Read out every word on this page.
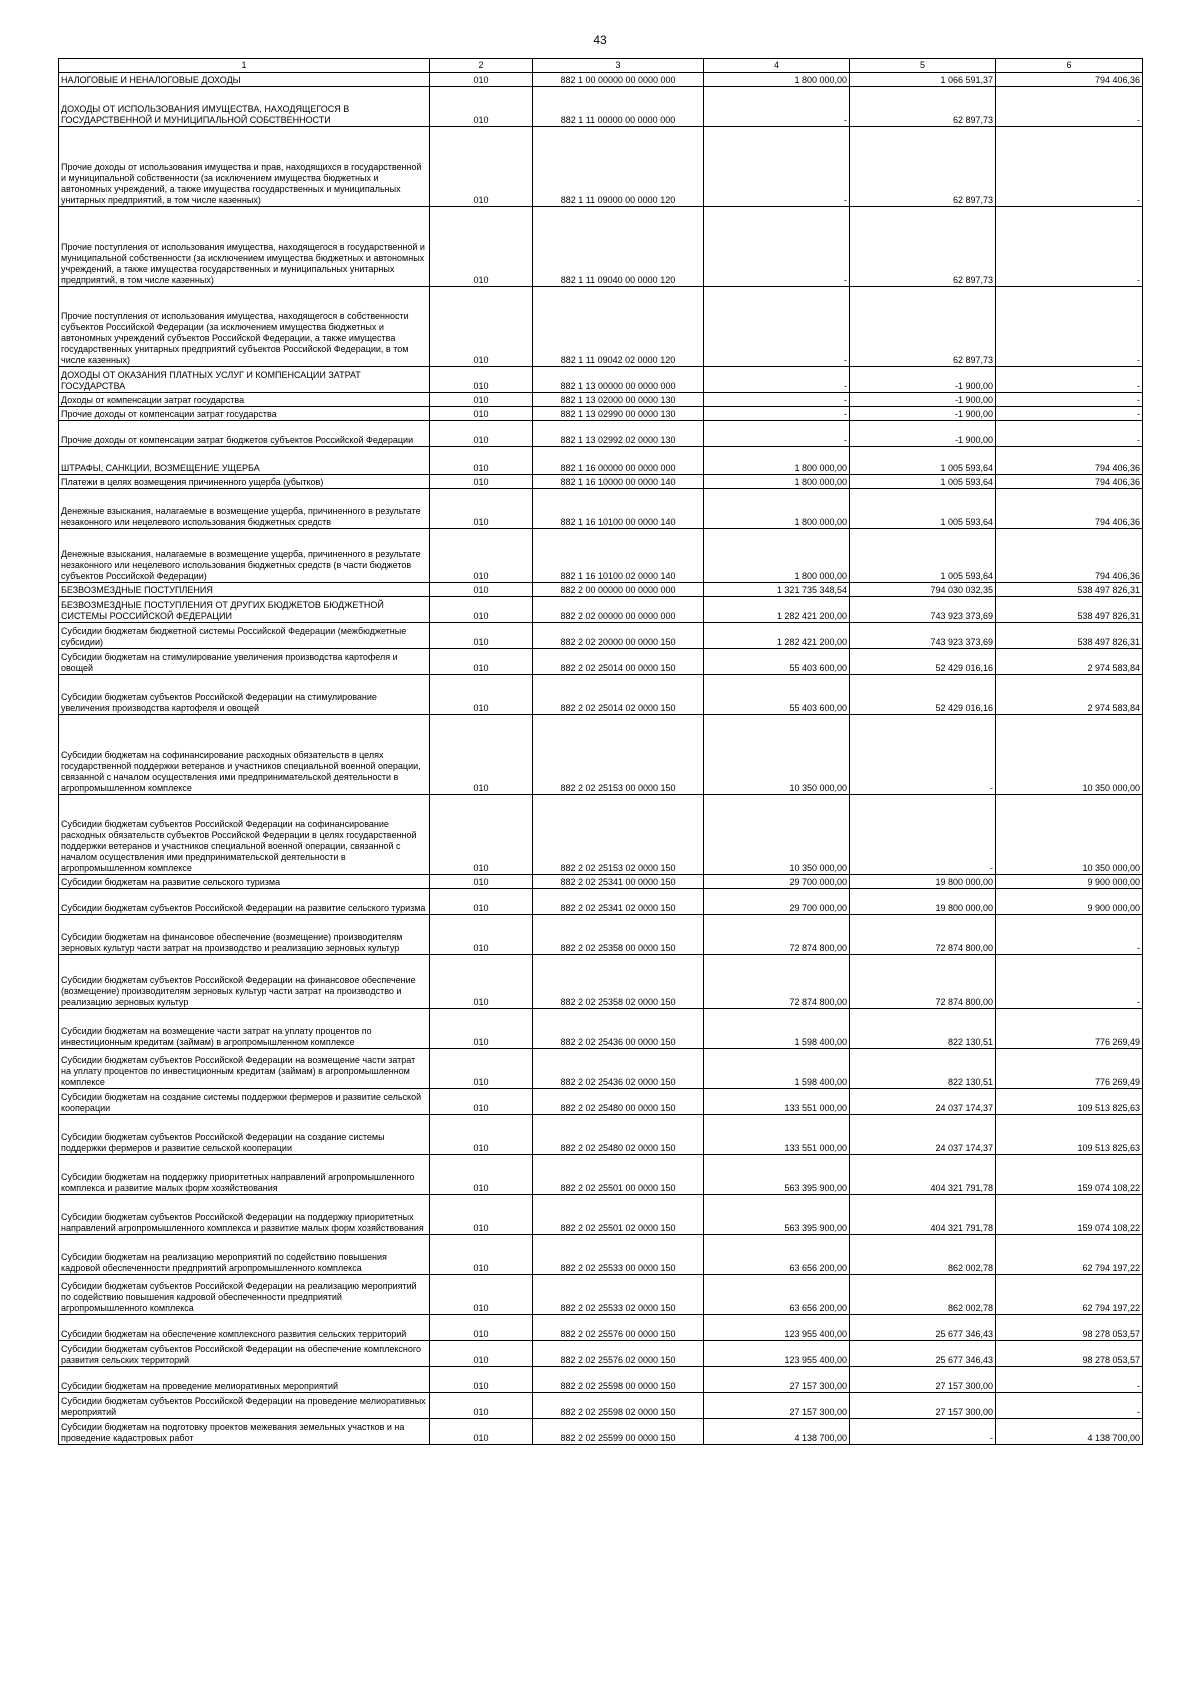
43
1	2	3	4	5	6
НАЛОГОВЫЕ И НЕНАЛОГОВЫЕ ДОХОДЫ	010	882 1 00 00000 00 0000 000	1 800 000,00	1 066 591,37	794 406,36
ДОХОДЫ ОТ ИСПОЛЬЗОВАНИЯ ИМУЩЕСТВА, НАХОДЯЩЕГОСЯ В ГОСУДАРСТВЕННОЙ И МУНИЦИПАЛЬНОЙ СОБСТВЕННОСТИ	010	882 1 11 00000 00 0000 000	-	62 897,73	-
Прочие доходы от использования имущества и прав, находящихся в государственной и муниципальной собственности (за исключением имущества бюджетных и автономных учреждений, а также имущества государственных и муниципальных унитарных предприятий, в том числе казенных)	010	882 1 11 09000 00 0000 120	-	62 897,73	-
Прочие поступления от использования имущества, находящегося в государственной и муниципальной собственности (за исключением имущества бюджетных и автономных учреждений, а также имущества государственных и муниципальных унитарных предприятий, в том числе казенных)	010	882 1 11 09040 00 0000 120	-	62 897,73	-
Прочие поступления от использования имущества, находящегося в собственности субъектов Российской Федерации (за исключением имущества бюджетных и автономных учреждений субъектов Российской Федерации, а также имущества государственных унитарных предприятий субъектов Российской Федерации, в том числе казенных)	010	882 1 11 09042 02 0000 120	-	62 897,73	-
ДОХОДЫ ОТ ОКАЗАНИЯ ПЛАТНЫХ УСЛУГ И КОМПЕНСАЦИИ ЗАТРАТ ГОСУДАРСТВА	010	882 1 13 00000 00 0000 000	-	-1 900,00	-
Доходы от компенсации затрат государства	010	882 1 13 02000 00 0000 130	-	-1 900,00	-
Прочие доходы от компенсации затрат государства	010	882 1 13 02990 00 0000 130	-	-1 900,00	-
Прочие доходы от компенсации затрат бюджетов субъектов Российской Федерации	010	882 1 13 02992 02 0000 130	-	-1 900,00	-
ШТРАФЫ, САНКЦИИ, ВОЗМЕЩЕНИЕ УЩЕРБА	010	882 1 16 00000 00 0000 000	1 800 000,00	1 005 593,64	794 406,36
Платежи в целях возмещения причиненного ущерба (убытков)	010	882 1 16 10000 00 0000 140	1 800 000,00	1 005 593,64	794 406,36
Денежные взыскания, налагаемые в возмещение ущерба, причиненного в результате незаконного или нецелевого использования бюджетных средств	010	882 1 16 10100 00 0000 140	1 800 000,00	1 005 593,64	794 406,36
Денежные взыскания, налагаемые в возмещение ущерба, причиненного в результате незаконного или нецелевого использования бюджетных средств (в части бюджетов субъектов Российской Федерации)	010	882 1 16 10100 02 0000 140	1 800 000,00	1 005 593,64	794 406,36
БЕЗВОЗМЕЗДНЫЕ ПОСТУПЛЕНИЯ	010	882 2 00 00000 00 0000 000	1 321 735 348,54	794 030 032,35	538 497 826,31
БЕЗВОЗМЕЗДНЫЕ ПОСТУПЛЕНИЯ ОТ ДРУГИХ БЮДЖЕТОВ БЮДЖЕТНОЙ СИСТЕМЫ РОССИЙСКОЙ ФЕДЕРАЦИИ	010	882 2 02 00000 00 0000 000	1 282 421 200,00	743 923 373,69	538 497 826,31
Субсидии бюджетам бюджетной системы Российской Федерации (межбюджетные субсидии)	010	882 2 02 20000 00 0000 150	1 282 421 200,00	743 923 373,69	538 497 826,31
Субсидии бюджетам на стимулирование увеличения производства картофеля и овощей	010	882 2 02 25014 00 0000 150	55 403 600,00	52 429 016,16	2 974 583,84
Субсидии бюджетам субъектов Российской Федерации на стимулирование увеличения производства картофеля и овощей	010	882 2 02 25014 02 0000 150	55 403 600,00	52 429 016,16	2 974 583,84
Субсидии бюджетам на софинансирование расходных обязательств в целях государственной поддержки ветеранов и участников специальной военной операции, связанной с началом осуществления ими предпринимательской деятельности в агропромышленном комплексе	010	882 2 02 25153 00 0000 150	10 350 000,00	-	10 350 000,00
Субсидии бюджетам субъектов Российской Федерации на софинансирование расходных обязательств субъектов Российской Федерации в целях государственной поддержки ветеранов и участников специальной военной операции, связанной с началом осуществления ими предпринимательской деятельности в агропромышленном комплексе	010	882 2 02 25153 02 0000 150	10 350 000,00	-	10 350 000,00
Субсидии бюджетам на развитие сельского туризма	010	882 2 02 25341 00 0000 150	29 700 000,00	19 800 000,00	9 900 000,00
Субсидии бюджетам субъектов Российской Федерации на развитие сельского туризма	010	882 2 02 25341 02 0000 150	29 700 000,00	19 800 000,00	9 900 000,00
Субсидии бюджетам на финансовое обеспечение (возмещение) производителям зерновых культур части затрат на производство и реализацию зерновых культур	010	882 2 02 25358 00 0000 150	72 874 800,00	72 874 800,00	-
Субсидии бюджетам субъектов Российской Федерации на финансовое обеспечение (возмещение) производителям зерновых культур части затрат на производство и реализацию зерновых культур	010	882 2 02 25358 02 0000 150	72 874 800,00	72 874 800,00	-
Субсидии бюджетам на возмещение части затрат на уплату процентов по инвестиционным кредитам (займам) в агропромышленном комплексе	010	882 2 02 25436 00 0000 150	1 598 400,00	822 130,51	776 269,49
Субсидии бюджетам субъектов Российской Федерации на возмещение части затрат на уплату процентов по инвестиционным кредитам (займам) в агропромышленном комплексе	010	882 2 02 25436 02 0000 150	1 598 400,00	822 130,51	776 269,49
Субсидии бюджетам на создание системы поддержки фермеров и развитие сельской кооперации	010	882 2 02 25480 00 0000 150	133 551 000,00	24 037 174,37	109 513 825,63
Субсидии бюджетам субъектов Российской Федерации на создание системы поддержки фермеров и развитие сельской кооперации	010	882 2 02 25480 02 0000 150	133 551 000,00	24 037 174,37	109 513 825,63
Субсидии бюджетам на поддержку приоритетных направлений агропромышленного комплекса и развитие малых форм хозяйствования	010	882 2 02 25501 00 0000 150	563 395 900,00	404 321 791,78	159 074 108,22
Субсидии бюджетам субъектов Российской Федерации на поддержку приоритетных направлений агропромышленного комплекса и развитие малых форм хозяйствования	010	882 2 02 25501 02 0000 150	563 395 900,00	404 321 791,78	159 074 108,22
Субсидии бюджетам на реализацию мероприятий по содействию повышения кадровой обеспеченности предприятий агропромышленного комплекса	010	882 2 02 25533 00 0000 150	63 656 200,00	862 002,78	62 794 197,22
Субсидии бюджетам субъектов Российской Федерации на реализацию мероприятий по содействию повышения кадровой обеспеченности предприятий агропромышленного комплекса	010	882 2 02 25533 02 0000 150	63 656 200,00	862 002,78	62 794 197,22
Субсидии бюджетам на обеспечение комплексного развития сельских территорий	010	882 2 02 25576 00 0000 150	123 955 400,00	25 677 346,43	98 278 053,57
Субсидии бюджетам субъектов Российской Федерации на обеспечение комплексного развития сельских территорий	010	882 2 02 25576 02 0000 150	123 955 400,00	25 677 346,43	98 278 053,57
Субсидии бюджетам на проведение мелиоративных мероприятий	010	882 2 02 25598 00 0000 150	27 157 300,00	27 157 300,00	-
Субсидии бюджетам субъектов Российской Федерации на проведение мелиоративных мероприятий	010	882 2 02 25598 02 0000 150	27 157 300,00	27 157 300,00	-
Субсидии бюджетам на подготовку проектов межевания земельных участков и на проведение кадастровых работ	010	882 2 02 25599 00 0000 150	4 138 700,00	-	4 138 700,00
